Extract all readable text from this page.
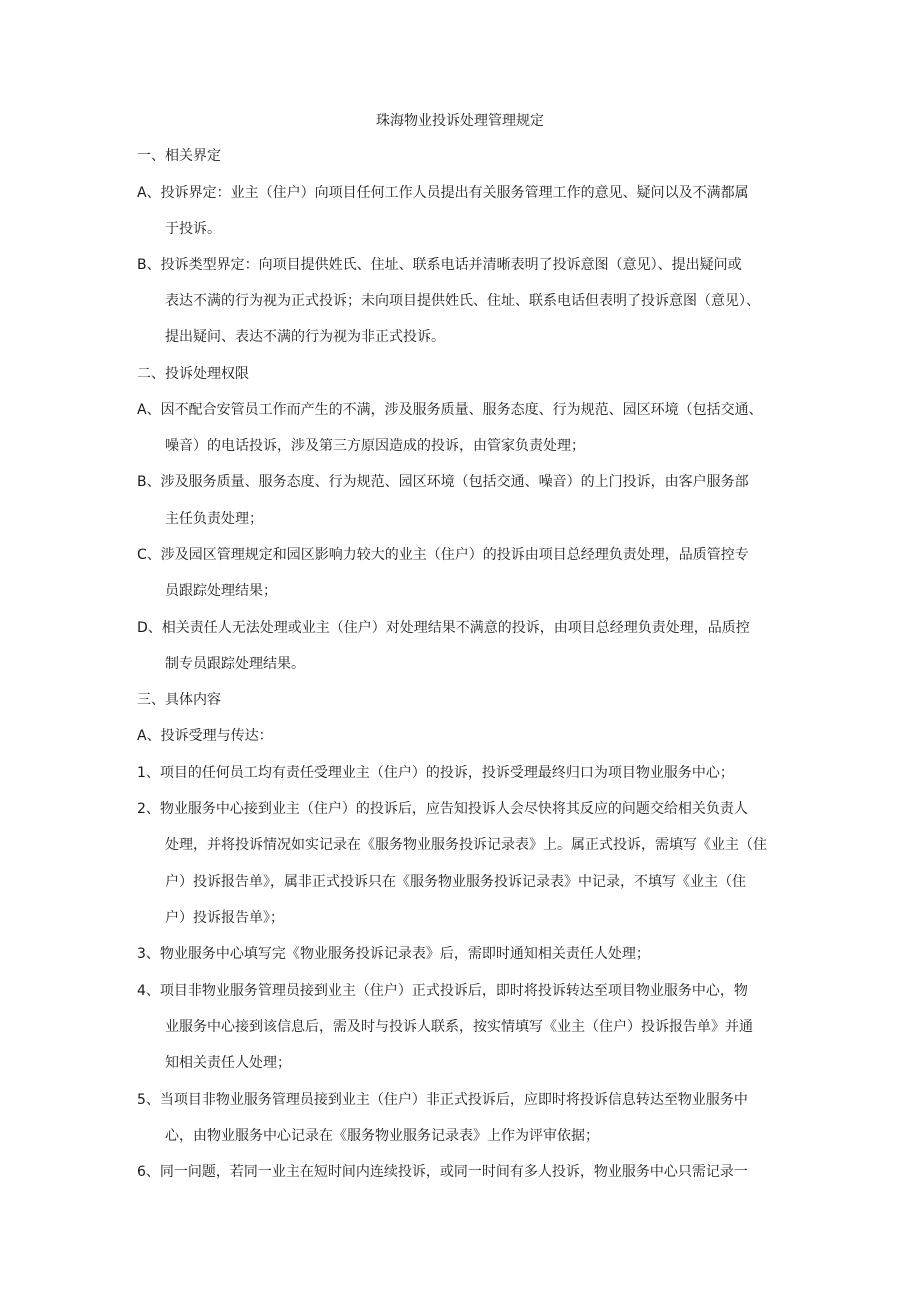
珠海物业投诉处理管理规定
一、相关界定
A、投诉界定：业主（住户）向项目任何工作人员提出有关服务管理工作的意见、疑问以及不满都属
于投诉。
B、投诉类型界定：向项目提供姓氏、住址、联系电话并清晰表明了投诉意图（意见）、提出疑问或
表达不满的行为视为正式投诉；未向项目提供姓氏、住址、联系电话但表明了投诉意图（意见）、
提出疑问、表达不满的行为视为非正式投诉。
二、投诉处理权限
A、因不配合安管员工作而产生的不满，涉及服务质量、服务态度、行为规范、园区环境（包括交通、
噪音）的电话投诉，涉及第三方原因造成的投诉，由管家负责处理；
B、涉及服务质量、服务态度、行为规范、园区环境（包括交通、噪音）的上门投诉，由客户服务部
主任负责处理；
C、涉及园区管理规定和园区影响力较大的业主（住户）的投诉由项目总经理负责处理，品质管控专
员跟踪处理结果；
D、相关责任人无法处理或业主（住户）对处理结果不满意的投诉，由项目总经理负责处理，品质控
制专员跟踪处理结果。
三、具体内容
A、投诉受理与传达：
1、项目的任何员工均有责任受理业主（住户）的投诉，投诉受理最终归口为项目物业服务中心；
2、物业服务中心接到业主（住户）的投诉后，应告知投诉人会尽快将其反应的问题交给相关负责人
处理，并将投诉情况如实记录在《服务物业服务投诉记录表》上。属正式投诉，需填写《业主（住
户）投诉报告单》，属非正式投诉只在《服务物业服务投诉记录表》中记录，不填写《业主（住
户）投诉报告单》；
3、物业服务中心填写完《物业服务投诉记录表》后，需即时通知相关责任人处理；
4、项目非物业服务管理员接到业主（住户）正式投诉后，即时将投诉转达至项目物业服务中心，物
业服务中心接到该信息后，需及时与投诉人联系，按实情填写《业主（住户）投诉报告单》并通
知相关责任人处理；
5、当项目非物业服务管理员接到业主（住户）非正式投诉后，应即时将投诉信息转达至物业服务中
心，由物业服务中心记录在《服务物业服务记录表》上作为评审依据；
6、同一问题，若同一业主在短时间内连续投诉，或同一时间有多人投诉，物业服务中心只需记录一
